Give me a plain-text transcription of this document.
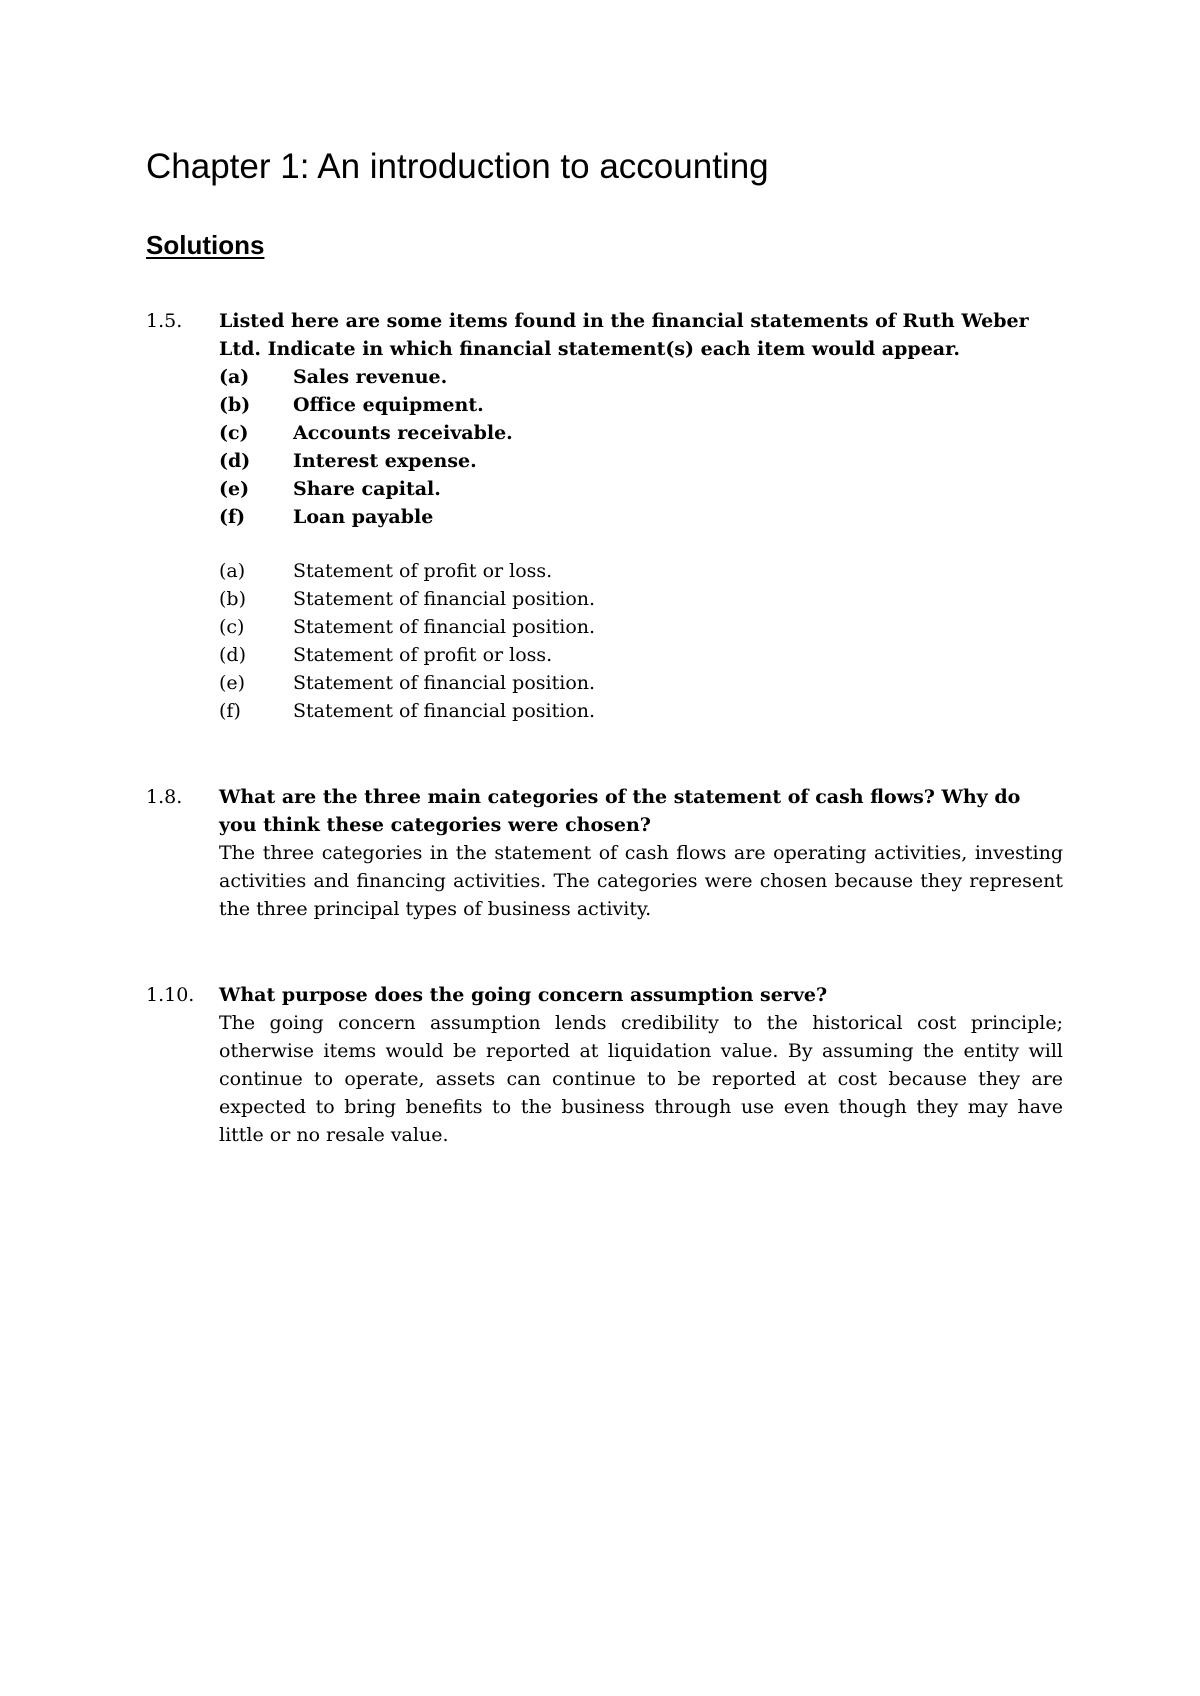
Chapter 1: An introduction to accounting
Solutions
1.5. Listed here are some items found in the financial statements of Ruth Weber Ltd. Indicate in which financial statement(s) each item would appear.

(a)	Sales revenue.
(b)	Office equipment.
(c)	Accounts receivable.
(d)	Interest expense.
(e)	Share capital.
(f)	Loan payable
(a)	Statement of profit or loss.
(b)	Statement of financial position.
(c)	Statement of financial position.
(d)	Statement of profit or loss.
(e)	Statement of financial position.
(f)	Statement of financial position.
1.8. What are the three main categories of the statement of cash flows? Why do you think these categories were chosen?

The three categories in the statement of cash flows are operating activities, investing activities and financing activities. The categories were chosen because they represent the three principal types of business activity.

1.10. What purpose does the going concern assumption serve?

The going concern assumption lends credibility to the historical cost principle; otherwise items would be reported at liquidation value. By assuming the entity will continue to operate, assets can continue to be reported at cost because they are expected to bring benefits to the business through use even though they may have little or no resale value.
